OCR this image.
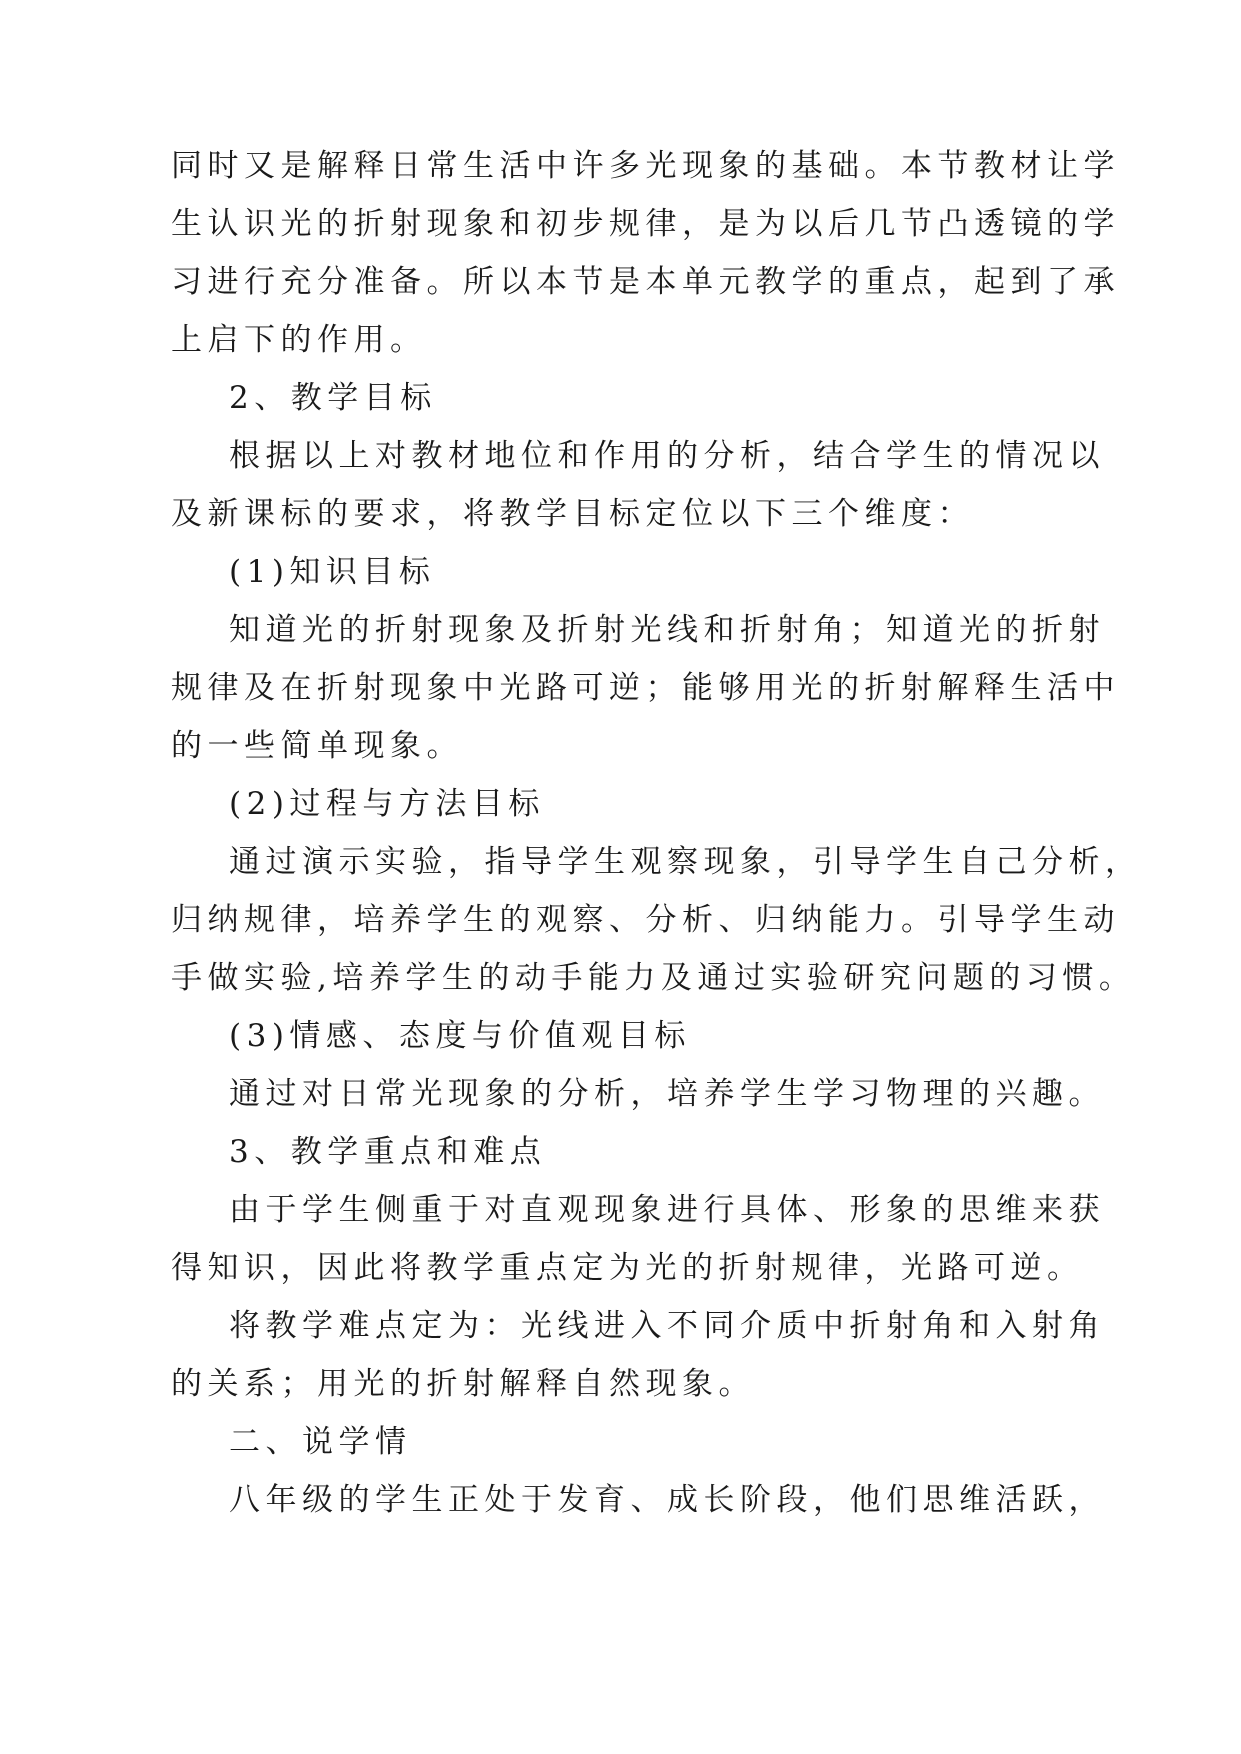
同时又是解释日常生活中许多光现象的基础。本节教材让学
生认识光的折射现象和初步规律，是为以后几节凸透镜的学
习进行充分准备。所以本节是本单元教学的重点，起到了承
上启下的作用。
2、教学目标
根据以上对教材地位和作用的分析，结合学生的情况以
及新课标的要求，将教学目标定位以下三个维度：
(1)知识目标
知道光的折射现象及折射光线和折射角；知道光的折射
规律及在折射现象中光路可逆；能够用光的折射解释生活中
的一些简单现象。
(2)过程与方法目标
通过演示实验，指导学生观察现象，引导学生自己分析，
归纳规律，培养学生的观察、分析、归纳能力。引导学生动
手做实验,培养学生的动手能力及通过实验研究问题的习惯。
(3)情感、态度与价值观目标
通过对日常光现象的分析，培养学生学习物理的兴趣。
3、教学重点和难点
由于学生侧重于对直观现象进行具体、形象的思维来获
得知识，因此将教学重点定为光的折射规律，光路可逆。
将教学难点定为：光线进入不同介质中折射角和入射角
的关系；用光的折射解释自然现象。
二、说学情
八年级的学生正处于发育、成长阶段，他们思维活跃，
